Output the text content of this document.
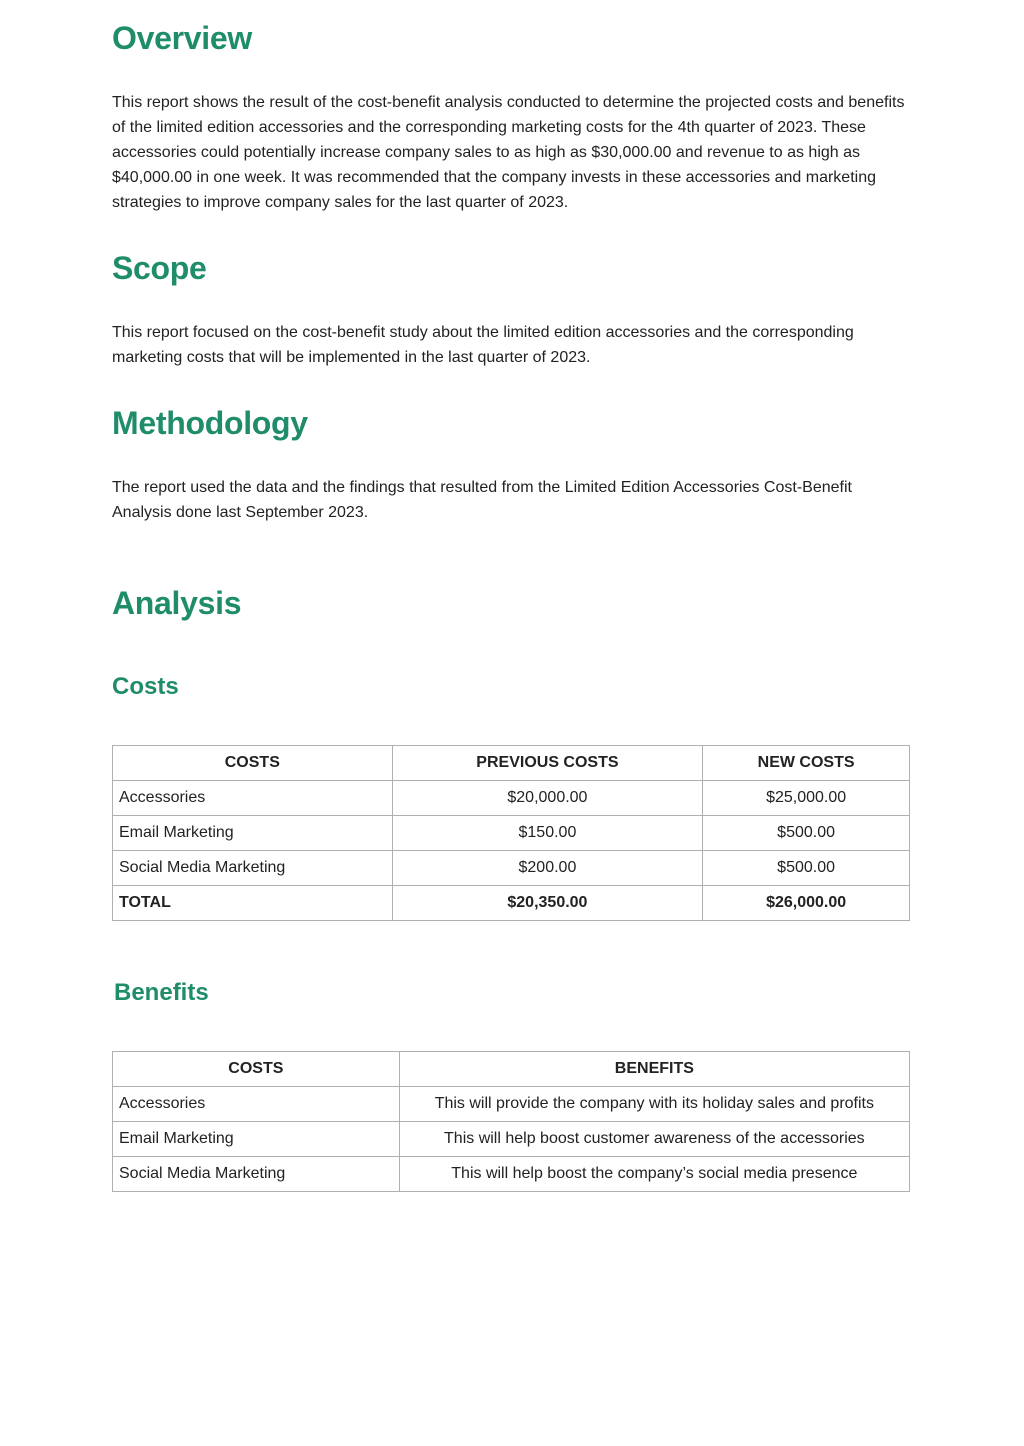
Overview

This report shows the result of the cost-benefit analysis conducted to determine the projected costs and benefits of the limited edition accessories and the corresponding marketing costs for the 4th quarter of 2023. These accessories could potentially increase company sales to as high as $30,000.00 and revenue to as high as $40,000.00 in one week. It was recommended that the company invests in these accessories and marketing strategies to improve company sales for the last quarter of 2023.

Scope

This report focused on the cost-benefit study about the limited edition accessories and the corresponding marketing costs that will be implemented in the last quarter of 2023.

Methodology

The report used the data and the findings that resulted from the Limited Edition Accessories Cost-Benefit Analysis done last September 2023.

Analysis
Costs
COSTS	PREVIOUS COSTS	NEW COSTS
Accessories	$20,000.00	$25,000.00
Email Marketing	$150.00	$500.00
Social Media Marketing	$200.00	$500.00
TOTAL	$20,350.00	$26,000.00
Benefits
COSTS	BENEFITS
Accessories	This will provide the company with its holiday sales and profits
Email Marketing	This will help boost customer awareness of the accessories
Social Media Marketing	This will help boost the company’s social media presence
